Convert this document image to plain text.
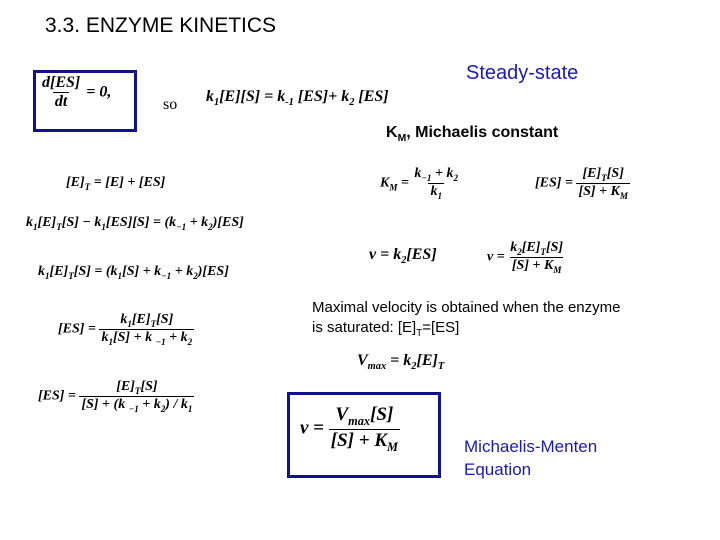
3.3. ENZYME KINETICS
Steady-state
$\frac{d[ES]}{dt} = 0$,
so $k_1[E][S] = k_{-1}$ $[ES]+ k_2$ [ES]
$K_M$, Michaelis constant
$[E]_T = [E] + [ES]$	$K_M = \frac{k_{-1} + k_2}{k_1}$	$[ES] = \frac{[E]_T[S]}{[S] + K_M}$
$k_1[E]_T[S] - k_1[ES][S] = (k_{-1} + k_2)[ES]$
$v = k_2[ES]$	$v = \frac{k_2[E]_T[S]}{[S] + K_M}$
$k_1[E]_T[S] = (k_1[S] + k_{-1} + k_2)[ES]$
Maximal velocity is obtained when the enzyme
is saturated: $[E]_T=[ES]$
$[ES] = \frac{k_1[E]_T[S]}{k_1[S] + k _{-1} + k_2}$
$V_{max} = k_2[E]_T$
$[ES] = \frac{[E]_T[S]}{[S] + (k _{-1} + k_2) / k_1}$
$v = \frac{V_{max}[S]}{[S] + K_M}$	Michaelis-Menten
Equation
